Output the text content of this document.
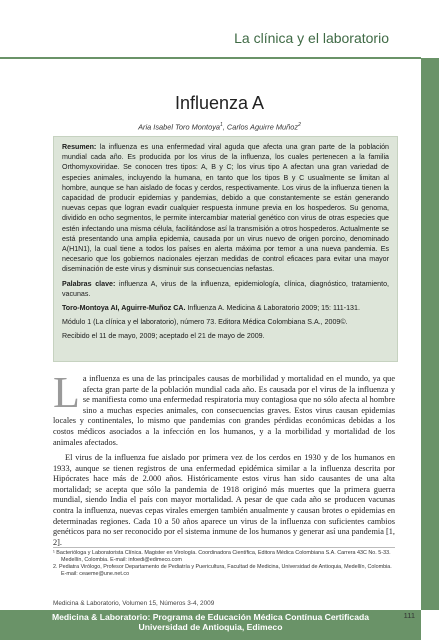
La clínica y el laboratorio
Influenza A
Aria Isabel Toro Montoya$^1$, Carlos Aguirre Muñoz$^2$

Resumen: la influenza es una enfermedad viral aguda que afecta una gran parte de la población mundial cada año. Es producida por los virus de la influenza, los cuales pertenecen a la familia Orthomyxoviridae. Se conocen tres tipos: A, B y C; los virus tipo A afectan una gran variedad de especies animales, incluyendo la humana, en tanto que los tipos B y C usualmente se limitan al hombre, aunque se han aislado de focas y cerdos, respectivamente. Los virus de la influenza tienen la capacidad de producir epidemias y pandemias, debido a que constantemente se están generando nuevas cepas que logran evadir cualquier respuesta inmune previa en los hospederos. Su genoma, dividido en ocho segmentos, le permite intercambiar material genético con virus de otras especies que estén infectando una misma célula, facilitándose así la transmisión a otros hospederos. Actualmente se está presentando una amplia epidemia, causada por un virus nuevo de origen porcino, denominado A(H1N1), la cual tiene a todos los países en alerta máxima por temor a una nueva pandemia. Es necesario que los gobiernos nacionales ejerzan medidas de control eficaces para evitar una mayor diseminación de este virus y disminuir sus consecuencias nefastas.

Palabras clave: influenza A, virus de la influenza, epidemiología, clínica, diagnóstico, tratamiento, vacunas.

Toro-Montoya AI, Aguirre-Muñoz CA. Influenza A. Medicina & Laboratorio 2009; 15: 111-131.

Módulo 1 (La clínica y el laboratorio), número 73. Editora Médica Colombiana S.A., 2009©.

Recibido el 11 de mayo, 2009; aceptado el 21 de mayo de 2009.

L a influenza es una de las principales causas de morbilidad y mortalidad en el mundo, ya que afecta gran parte de la población mundial cada año. Es causada por el virus de la influenza y se manifiesta como una enfermedad respiratoria muy contagiosa que no sólo afecta al hombre sino a muchas especies animales, con consecuencias graves. Estos virus causan epidemias locales y continentales, lo mismo que pandemias con grandes pérdidas económicas debidas a los costos médicos asociados a la infección en los humanos, y a la morbilidad y mortalidad de los animales afectados.

El virus de la influenza fue aislado por primera vez de los cerdos en 1930 y de los humanos en 1933, aunque se tienen registros de una enfermedad epidémica similar a la influenza descrita por Hipócrates hace más de 2.000 años. Históricamente estos virus han sido causantes de una alta mortalidad; se acepta que sólo la pandemia de 1918 originó más muertes que la primera guerra mundial, siendo India el país con mayor mortalidad. A pesar de que cada año se producen vacunas contra la influenza, nuevas cepas virales emergen también anualmente y causan brotes o epidemias en determinadas regiones. Cada 10 a 50 años aparece un virus de la influenza con suficientes cambios genéticos para no ser reconocido por el sistema inmune de los humanos y generar así una pandemia [1, 2].

¹ Bacterióloga y Laboratorista Clínica. Magister en Virología. Coordinadora Científica, Editora Médica Colombiana S.A. Carrera 43C No. 5-33. Medellín, Colombia. E-mail: infoedi@edimeco.com
2. Pediatra Virólogo, Profesor Departamento de Pediatría y Puericultura, Facultad de Medicina, Universidad de Antioquia, Medellín, Colombia. E-mail: ceaeme@une.net.co
Medicina & Laboratorio, Volumen 15, Números 3-4, 2009
111
Medicina & Laboratorio: Programa de Educación Médica Contínua Certificada
Universidad de Antioquia, Edimeco
